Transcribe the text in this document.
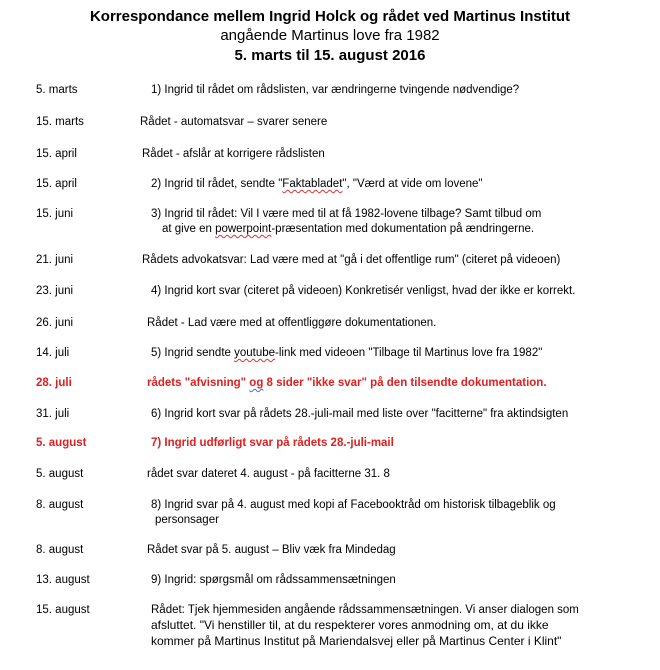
Korrespondance mellem Ingrid Holck og rådet ved Martinus Institut
angående Martinus love fra 1982
5. marts til 15. august 2016
5. marts	1) Ingrid til rådet om rådslisten, var ændringerne tvingende nødvendige?
15. marts	Rådet - automatsvar – svarer senere
15. april	Rådet - afslår at korrigere rådslisten
15. april	2) Ingrid til rådet, sendte "Faktabladet", "Værd at vide om lovene"
15. juni	3) Ingrid til rådet: Vil I være med til at få 1982-lovene tilbage? Samt tilbud om
at give en powerpoint-præsentation med dokumentation på ændringerne.
21. juni	Rådets advokatsvar: Lad være med at "gå i det offentlige rum" (citeret på videoen)
23. juni	4) Ingrid kort svar (citeret på videoen) Konkretisér venligst, hvad der ikke er korrekt.
26. juni	Rådet - Lad være med at offentliggøre dokumentationen.
14. juli	5) Ingrid sendte youtube-link med videoen "Tilbage til Martinus love fra 1982"
28. juli	rådets "afvisning" og 8 sider "ikke svar" på den tilsendte dokumentation.
31. juli	6) Ingrid kort svar på rådets 28.-juli-mail med liste over "facitterne" fra aktindsigten
5. august	7) Ingrid udførligt svar på rådets 28.-juli-mail
5. august	rådet svar dateret 4. august - på facitterne 31. 8
8. august	8) Ingrid svar på 4. august med kopi af Facebooktråd om historisk tilbageblik og
personsager
8. august	Rådet svar på 5. august – Bliv væk fra Mindedag
13. august	9) Ingrid: spørgsmål om rådssammensætningen
15. august	Rådet: Tjek hjemmesiden angående rådssammensætningen. Vi anser dialogen som
afsluttet. "Vi henstiller til, at du respekterer vores anmodning om, at du ikke
kommer på Martinus Institut på Mariendalsvej eller på Martinus Center i Klint"
